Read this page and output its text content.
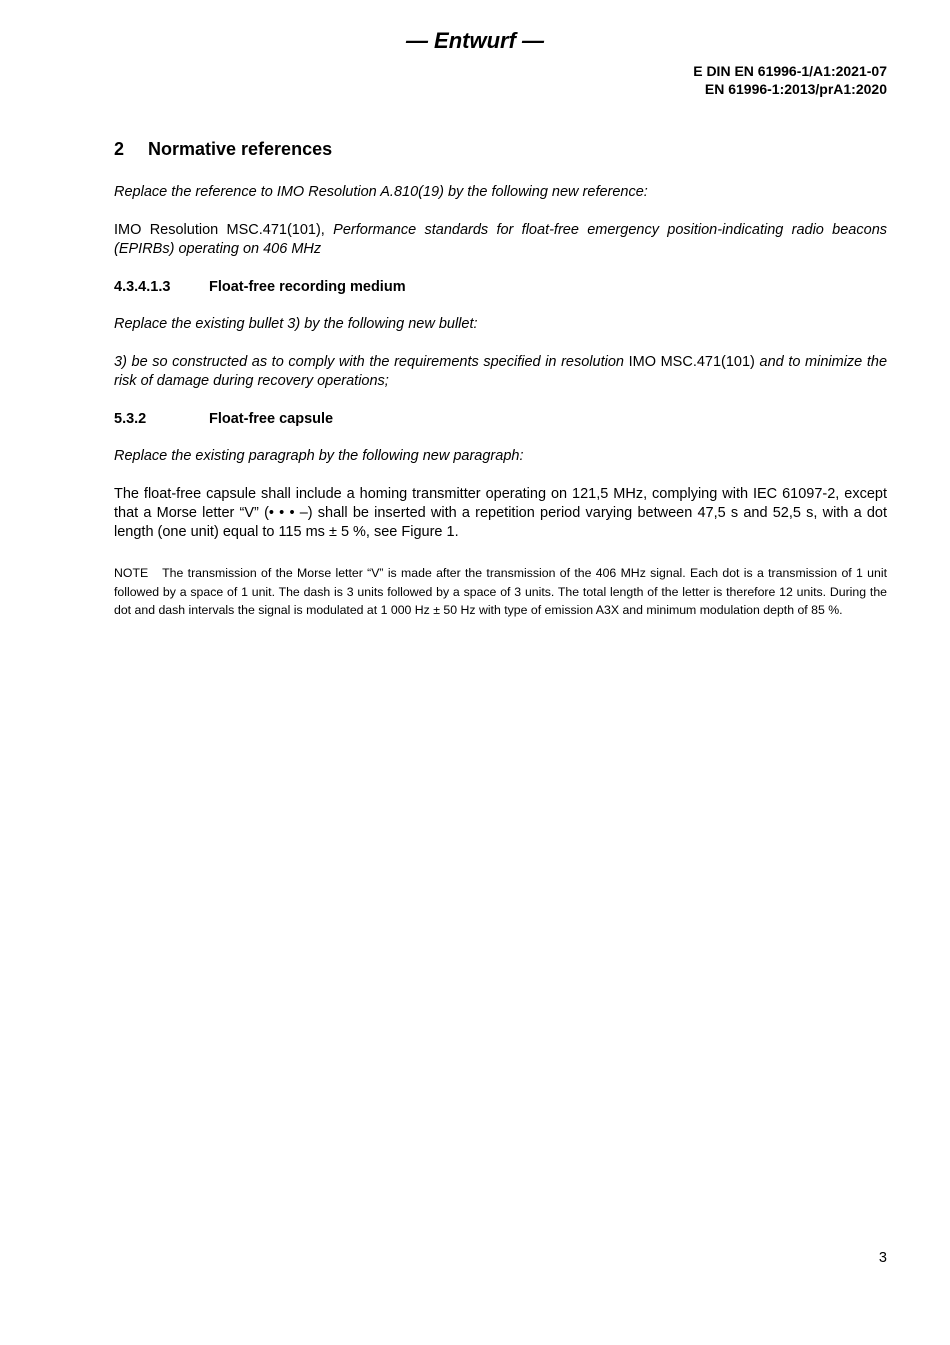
— Entwurf —
E DIN EN 61996-1/A1:2021-07
EN 61996-1:2013/prA1:2020
2	Normative references

Replace the reference to IMO Resolution A.810(19) by the following new reference:

IMO Resolution MSC.471(101), Performance standards for float-free emergency position-indicating radio beacons (EPIRBs) operating on 406 MHz

4.3.4.1.3	Float-free recording medium

Replace the existing bullet 3) by the following new bullet:

3) be so constructed as to comply with the requirements specified in resolution IMO MSC.471(101) and to minimize the risk of damage during recovery operations;

5.3.2	Float-free capsule

Replace the existing paragraph by the following new paragraph:

The float-free capsule shall include a homing transmitter operating on 121,5 MHz, complying with IEC 61097-2, except that a Morse letter “V” (• • • –) shall be inserted with a repetition period varying between 47,5 s and 52,5 s, with a dot length (one unit) equal to 115 ms ± 5 %, see Figure 1.

NOTE The transmission of the Morse letter “V” is made after the transmission of the 406 MHz signal. Each dot is a transmission of 1 unit followed by a space of 1 unit. The dash is 3 units followed by a space of 3 units. The total length of the letter is therefore 12 units. During the dot and dash intervals the signal is modulated at 1 000 Hz ± 50 Hz with type of emission A3X and minimum modulation depth of 85 %.

3
